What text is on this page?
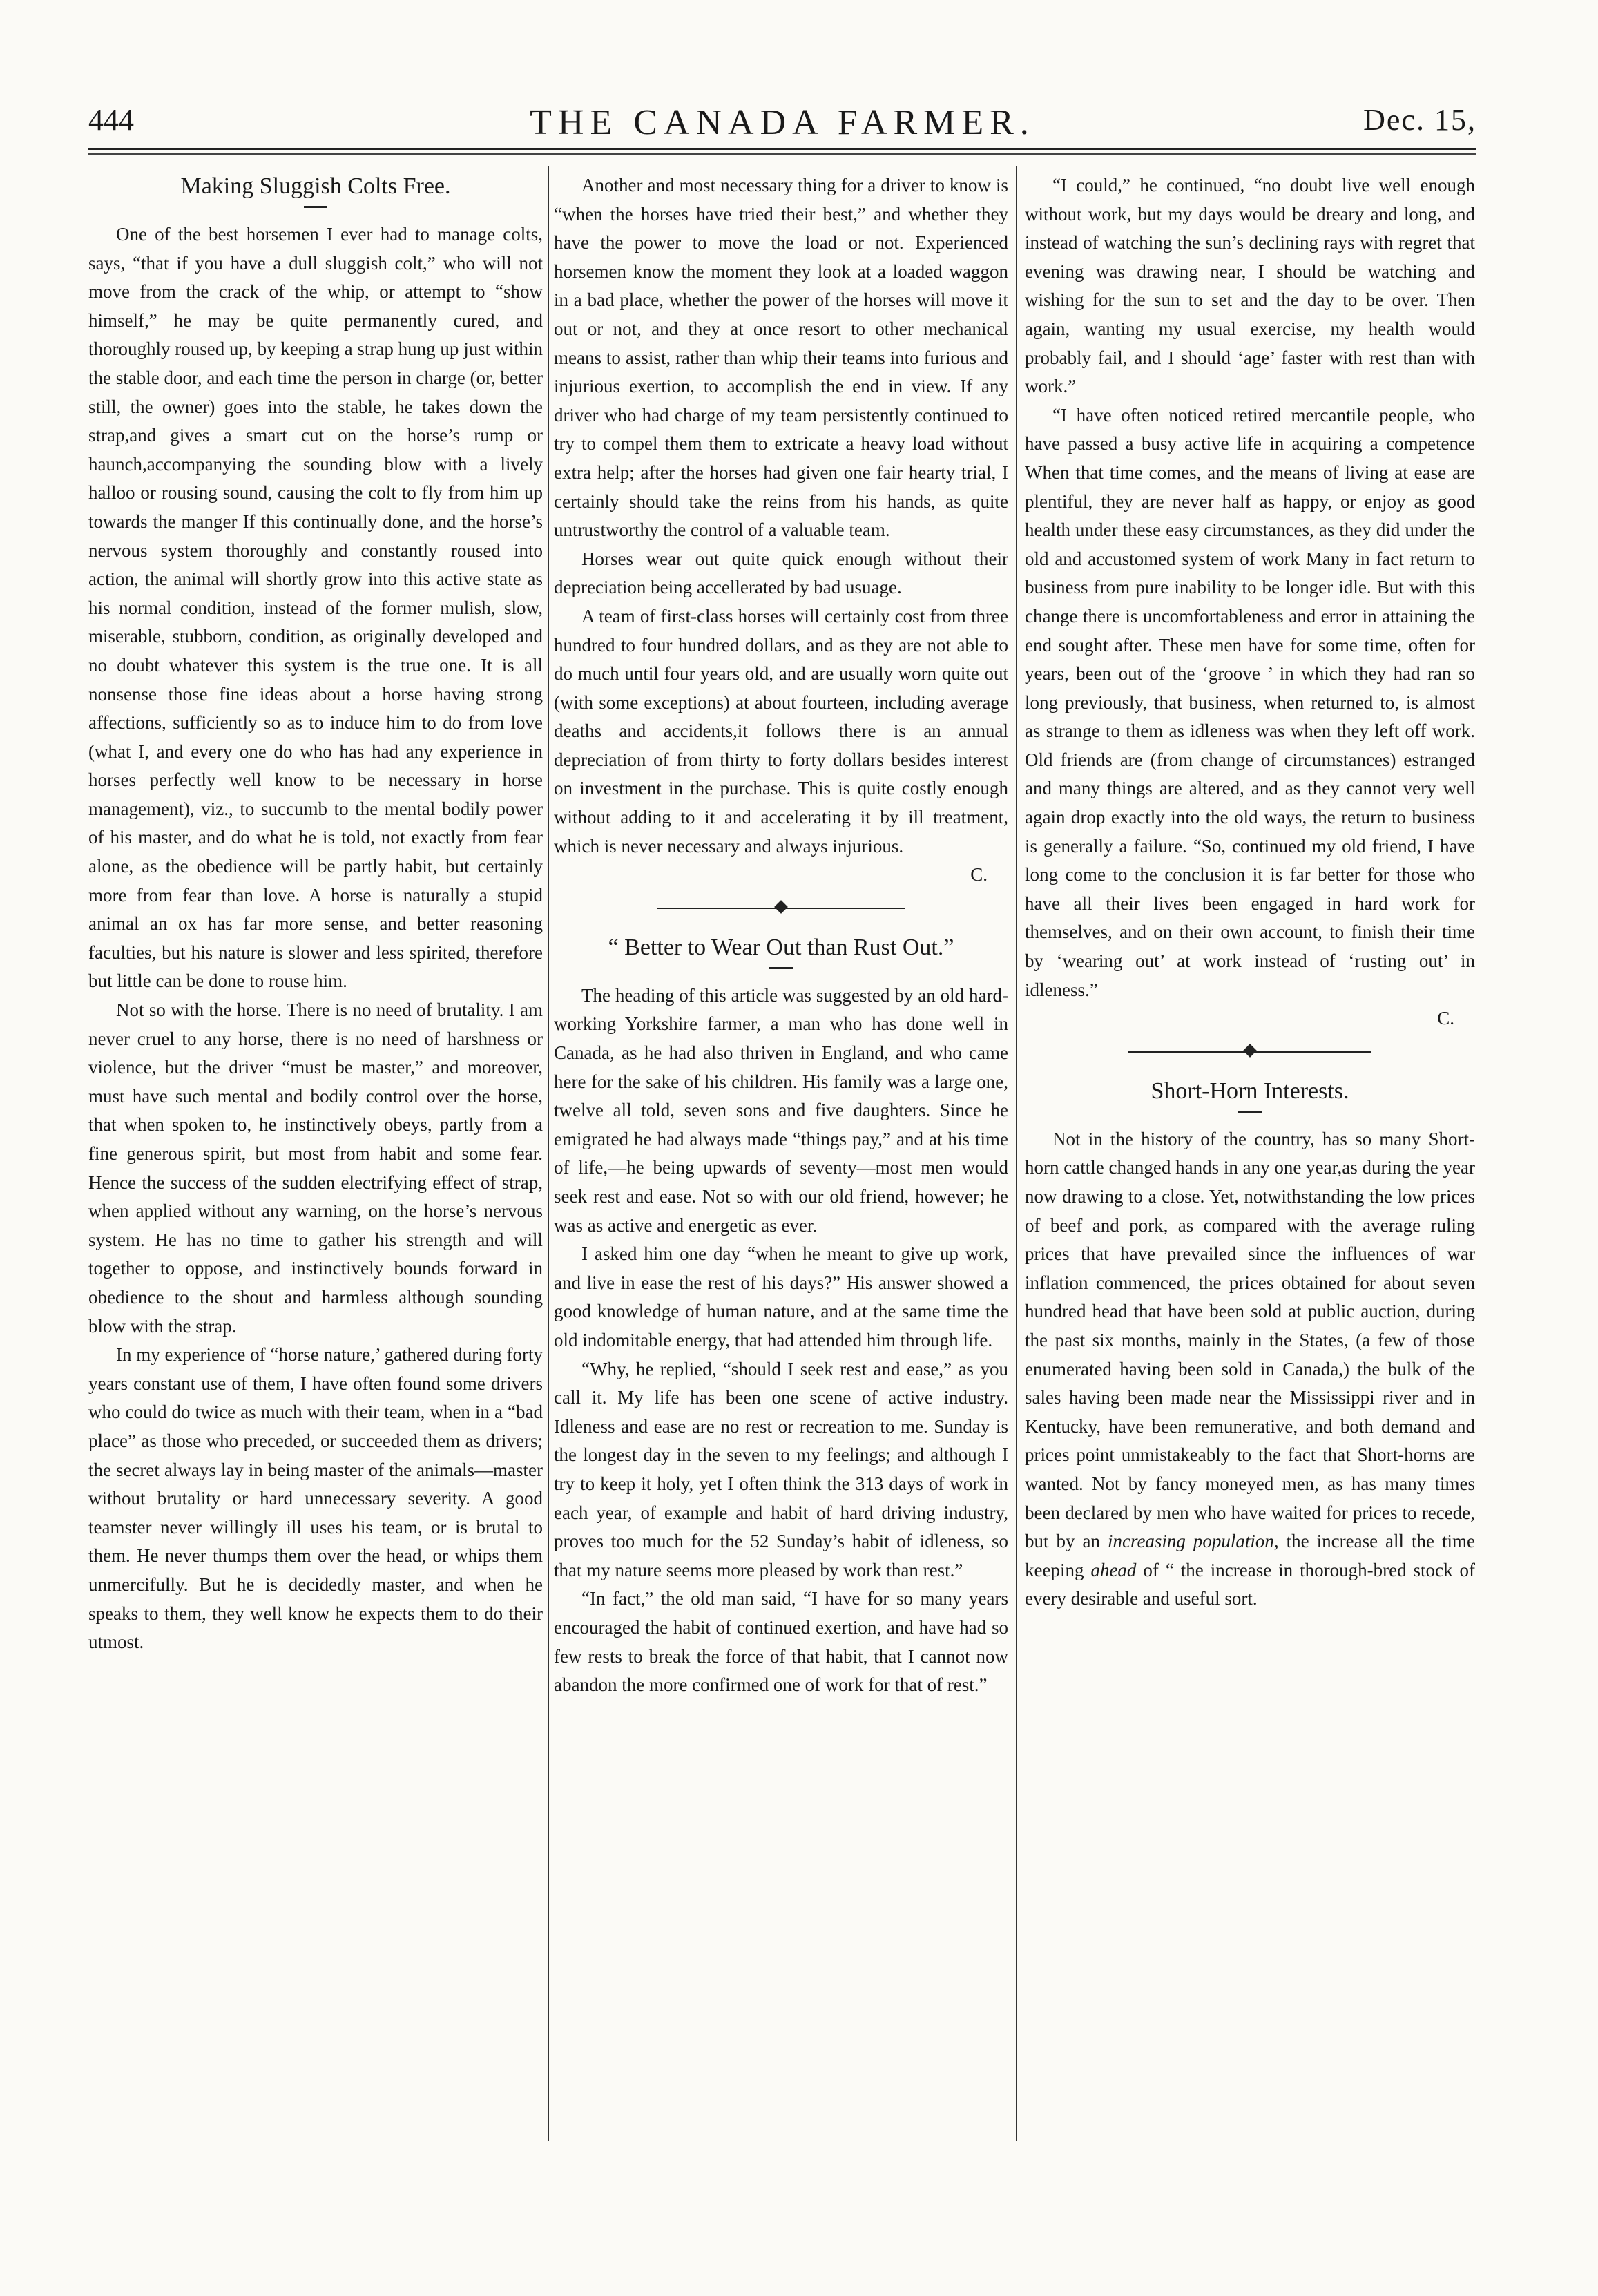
444	THE CANADA FARMER.	Dec. 15,
Making Sluggish Colts Free.

One of the best horsemen I ever had to manage colts, says, “that if you have a dull sluggish colt,” who will not move from the crack of the whip, or attempt to “show himself,” he may be quite permanently cured, and thoroughly roused up, by keeping a strap hung up just within the stable door, and each time the person in charge (or, better still, the owner) goes into the stable, he takes down the strap,and gives a smart cut on the horse’s rump or haunch,accompanying the sounding blow with a lively halloo or rousing sound, causing the colt to fly from him up towards the manger If this continually done, and the horse’s nervous system thoroughly and constantly roused into action, the animal will shortly grow into this active state as his normal condition, instead of the former mulish, slow, miserable, stubborn, condition, as originally developed and no doubt whatever this system is the true one. It is all nonsense those fine ideas about a horse having strong affections, sufficiently so as to induce him to do from love (what I, and every one do who has had any experience in horses perfectly well know to be necessary in horse management), viz., to succumb to the mental bodily power of his master, and do what he is told, not exactly from fear alone, as the obedience will be partly habit, but certainly more from fear than love. A horse is naturally a stupid animal an ox has far more sense, and better reasoning faculties, but his nature is slower and less spirited, therefore but little can be done to rouse him.

Not so with the horse. There is no need of brutality. I am never cruel to any horse, there is no need of harshness or violence, but the driver “must be master,” and moreover, must have such mental and bodily control over the horse, that when spoken to, he instinctively obeys, partly from a fine generous spirit, but most from habit and some fear. Hence the success of the sudden electrifying effect of strap, when applied without any warning, on the horse’s nervous system. He has no time to gather his strength and will together to oppose, and instinctively bounds forward in obedience to the shout and harmless although sounding blow with the strap.

In my experience of “horse nature,’ gathered during forty years constant use of them, I have often found some drivers who could do twice as much with their team, when in a “bad place” as those who preceded, or succeeded them as drivers; the secret always lay in being master of the animals—master without brutality or hard unnecessary severity. A good teamster never willingly ill uses his team, or is brutal to them. He never thumps them over the head, or whips them unmercifully. But he is decidedly master, and when he speaks to them, they well know he expects them to do their utmost.

Another and most necessary thing for a driver to know is “when the horses have tried their best,” and whether they have the power to move the load or not. Experienced horsemen know the moment they look at a loaded waggon in a bad place, whether the power of the horses will move it out or not, and they at once resort to other mechanical means to assist, rather than whip their teams into furious and injurious exertion, to accomplish the end in view. If any driver who had charge of my team persistently continued to try to compel them them to extricate a heavy load without extra help; after the horses had given one fair hearty trial, I certainly should take the reins from his hands, as quite untrustworthy the control of a valuable team.

Horses wear out quite quick enough without their depreciation being accellerated by bad usuage.

A team of first-class horses will certainly cost from three hundred to four hundred dollars, and as they are not able to do much until four years old, and are usually worn quite out (with some exceptions) at about fourteen, including average deaths and accidents,it follows there is an annual depreciation of from thirty to forty dollars besides interest on investment in the purchase. This is quite costly enough without adding to it and accelerating it by ill treatment, which is never necessary and always injurious.

C.

“ Better to Wear Out than Rust Out.”

The heading of this article was suggested by an old hard-working Yorkshire farmer, a man who has done well in Canada, as he had also thriven in England, and who came here for the sake of his children. His family was a large one, twelve all told, seven sons and five daughters. Since he emigrated he had always made “things pay,” and at his time of life,—he being upwards of seventy—most men would seek rest and ease. Not so with our old friend, however; he was as active and energetic as ever.

I asked him one day “when he meant to give up work, and live in ease the rest of his days?” His answer showed a good knowledge of human nature, and at the same time the old indomitable energy, that had attended him through life.

“Why, he replied, “should I seek rest and ease,” as you call it. My life has been one scene of active industry. Idleness and ease are no rest or recreation to me. Sunday is the longest day in the seven to my feelings; and although I try to keep it holy, yet I often think the 313 days of work in each year, of example and habit of hard driving industry, proves too much for the 52 Sunday’s habit of idleness, so that my nature seems more pleased by work than rest.”

“In fact,” the old man said, “I have for so many years encouraged the habit of continued exertion, and have had so few rests to break the force of that habit, that I cannot now abandon the more confirmed one of work for that of rest.”

“I could,” he continued, “no doubt live well enough without work, but my days would be dreary and long, and instead of watching the sun’s declining rays with regret that evening was drawing near, I should be watching and wishing for the sun to set and the day to be over. Then again, wanting my usual exercise, my health would probably fail, and I should ‘age’ faster with rest than with work.”

“I have often noticed retired mercantile people, who have passed a busy active life in acquiring a competence When that time comes, and the means of living at ease are plentiful, they are never half as happy, or enjoy as good health under these easy circumstances, as they did under the old and accustomed system of work Many in fact return to business from pure inability to be longer idle. But with this change there is uncomfortableness and error in attaining the end sought after. These men have for some time, often for years, been out of the ‘groove ’ in which they had ran so long previously, that business, when returned to, is almost as strange to them as idleness was when they left off work. Old friends are (from change of circumstances) estranged and many things are altered, and as they cannot very well again drop exactly into the old ways, the return to business is generally a failure. “So, continued my old friend, I have long come to the conclusion it is far better for those who have all their lives been engaged in hard work for themselves, and on their own account, to finish their time by ‘wearing out’ at work instead of ‘rusting out’ in idleness.”

C.

Short-Horn Interests.

Not in the history of the country, has so many Short-horn cattle changed hands in any one year,as during the year now drawing to a close. Yet, notwithstanding the low prices of beef and pork, as compared with the average ruling prices that have prevailed since the influences of war inflation commenced, the prices obtained for about seven hundred head that have been sold at public auction, during the past six months, mainly in the States, (a few of those enumerated having been sold in Canada,) the bulk of the sales having been made near the Mississippi river and in Kentucky, have been remunerative, and both demand and prices point unmistakeably to the fact that Short-horns are wanted. Not by fancy moneyed men, as has many times been declared by men who have waited for prices to recede, but by an increasing population, the increase all the time keeping ahead of “ the increase in thorough-bred stock of every desirable and useful sort.
